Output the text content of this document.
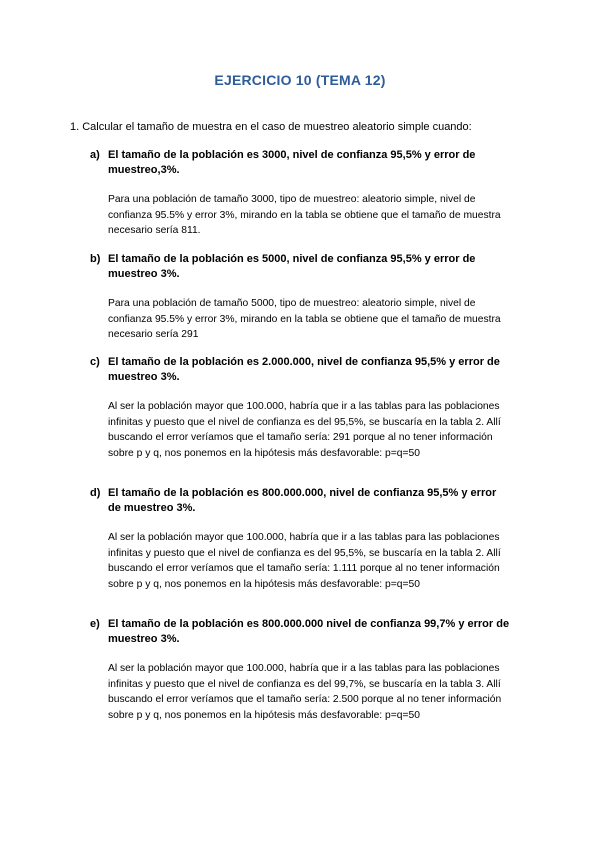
EJERCICIO 10 (TEMA 12)
1. Calcular el tamaño de muestra en el caso de muestreo aleatorio simple cuando:
a) El tamaño de la población es 3000, nivel de confianza 95,5% y error de muestreo,3%.
Para una población de tamaño 3000, tipo de muestreo: aleatorio simple, nivel de confianza 95.5% y error 3%, mirando en la tabla se obtiene que el tamaño de muestra necesario sería 811.
b) El tamaño de la población es 5000, nivel de confianza 95,5% y error de muestreo 3%.
Para una población de tamaño 5000, tipo de muestreo: aleatorio simple, nivel de confianza 95.5% y error 3%, mirando en la tabla se obtiene que el tamaño de muestra necesario sería 291
c) El tamaño de la población es 2.000.000, nivel de confianza 95,5% y error de muestreo 3%.
Al ser la población mayor que 100.000, habría que ir a las tablas para las poblaciones infinitas y puesto que el nivel de confianza es del 95,5%, se buscaría en la tabla 2. Allí buscando el error veríamos que el tamaño sería: 291 porque al no tener información sobre p y q, nos ponemos en la hipótesis más desfavorable: p=q=50
d) El tamaño de la población es 800.000.000, nivel de confianza 95,5% y error de muestreo 3%.
Al ser la población mayor que 100.000, habría que ir a las tablas para las poblaciones infinitas y puesto que el nivel de confianza es del 95,5%, se buscaría en la tabla 2. Allí buscando el error veríamos que el tamaño sería: 1.111 porque al no tener información sobre p y q, nos ponemos en la hipótesis más desfavorable: p=q=50
e) El tamaño de la población es 800.000.000 nivel de confianza 99,7% y error de muestreo 3%.
Al ser la población mayor que 100.000, habría que ir a las tablas para las poblaciones infinitas y puesto que el nivel de confianza es del 99,7%, se buscaría en la tabla 3. Allí buscando el error veríamos que el tamaño sería: 2.500 porque al no tener información sobre p y q, nos ponemos en la hipótesis más desfavorable: p=q=50
